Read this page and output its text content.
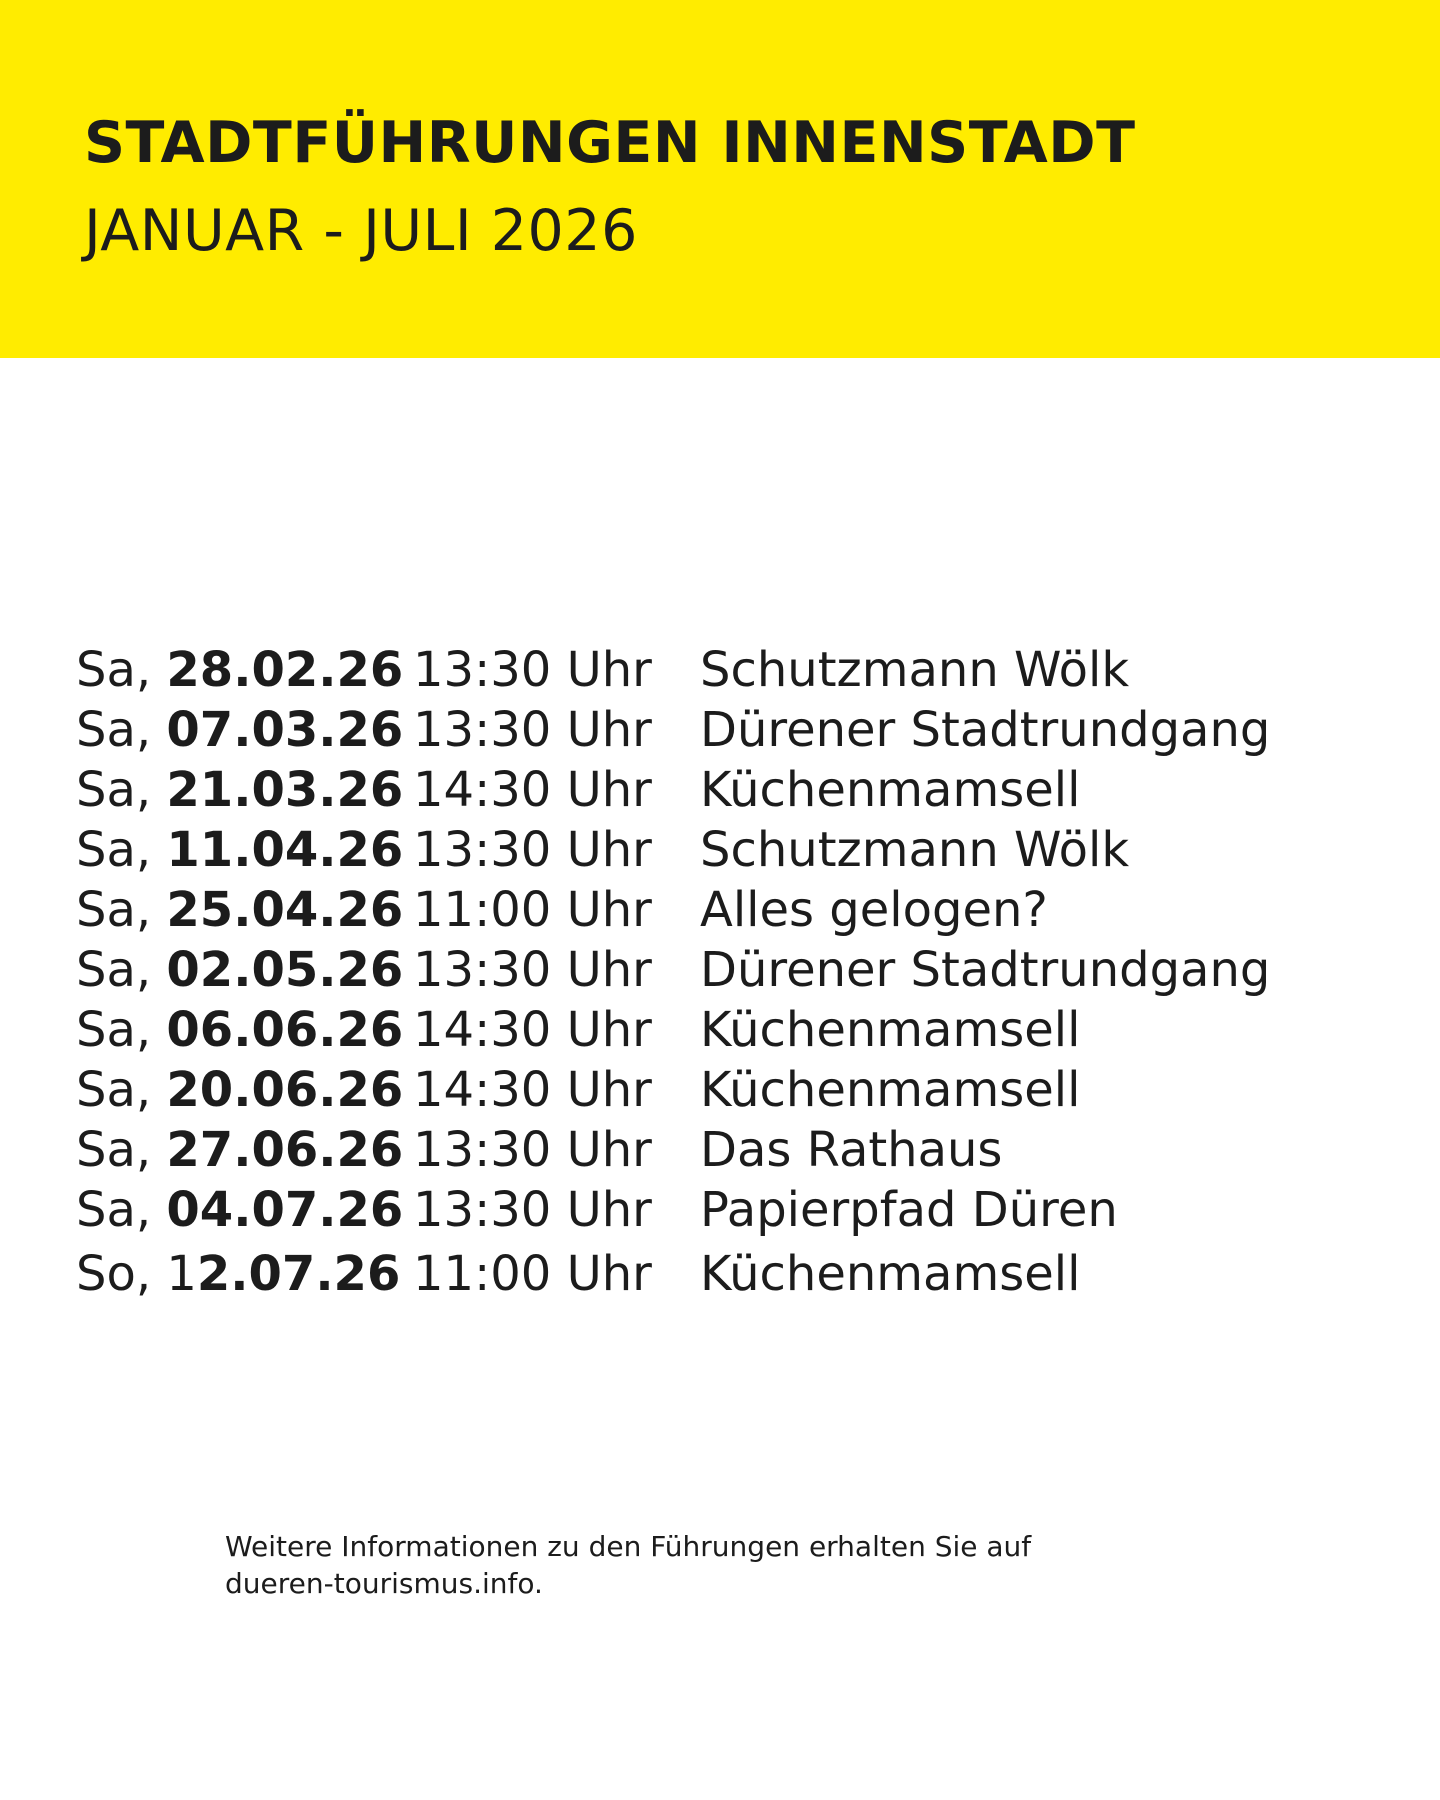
STADTFÜHRUNGEN INNENSTADT
JANUAR - JULI 2026
Sa, 28.02.26 13:30 Uhr Schutzmann Wölk
Sa, 07.03.26 13:30 Uhr Dürener Stadtrundgang
Sa, 21.03.26 14:30 Uhr Küchenmamsell
Sa, 11.04.26 13:30 Uhr Schutzmann Wölk
Sa, 25.04.26 11:00 Uhr Alles gelogen?
Sa, 02.05.26 13:30 Uhr Dürener Stadtrundgang
Sa, 06.06.26 14:30 Uhr Küchenmamsell
Sa, 20.06.26 14:30 Uhr Küchenmamsell
Sa, 27.06.26 13:30 Uhr Das Rathaus
Sa, 04.07.26 13:30 Uhr Papierpfad Düren
So, 12.07.26 11:00 Uhr Küchenmamsell

Weitere Informationen zu den Führungen erhalten Sie auf
dueren-tourismus.info.
